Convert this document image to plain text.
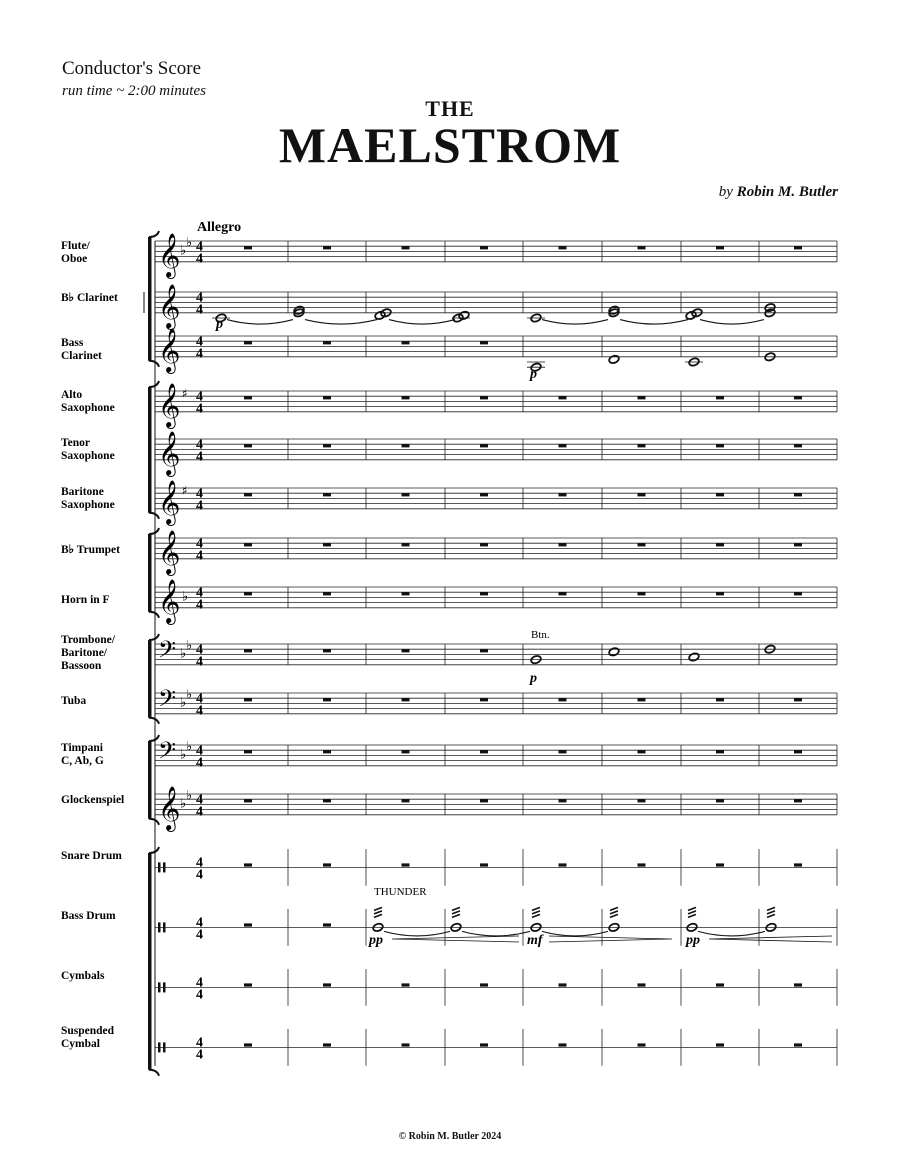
Conductor's Score
run time ~ 2:00 minutes
THE
MAELSTROM
by Robin M. Butler
Flute/
Oboe
B♭ Clarinet
Bass
Clarinet
Alto
Saxophone
Tenor
Saxophone
Baritone
Saxophone
B♭ Trumpet
Horn in F
Trombone/
Baritone/
Bassoon
Tuba
Timpani
C, Ab, G
Glockenspiel
Snare Drum
Bass Drum
Cymbals
Suspended
Cymbal
𝄞 ♭
♭ 4
4
𝄞 4
4
𝄞 4
4
𝄞 ♯ 4
4
𝄞 4
4
𝄞 ♯ 4
4
𝄞 4
4
𝄞 ♭ 4
4
𝄢 ♭
♭ 4
4
𝄢 ♭
♭ 4
4
𝄢 ♭
♭ 4
4
𝄞 ♭
♭ 4
4
4
4
4
4
4
4
4
4
p
p
Btn.
p
THUNDER
pp	mf	pp
Allegro
© Robin M. Butler 2024
